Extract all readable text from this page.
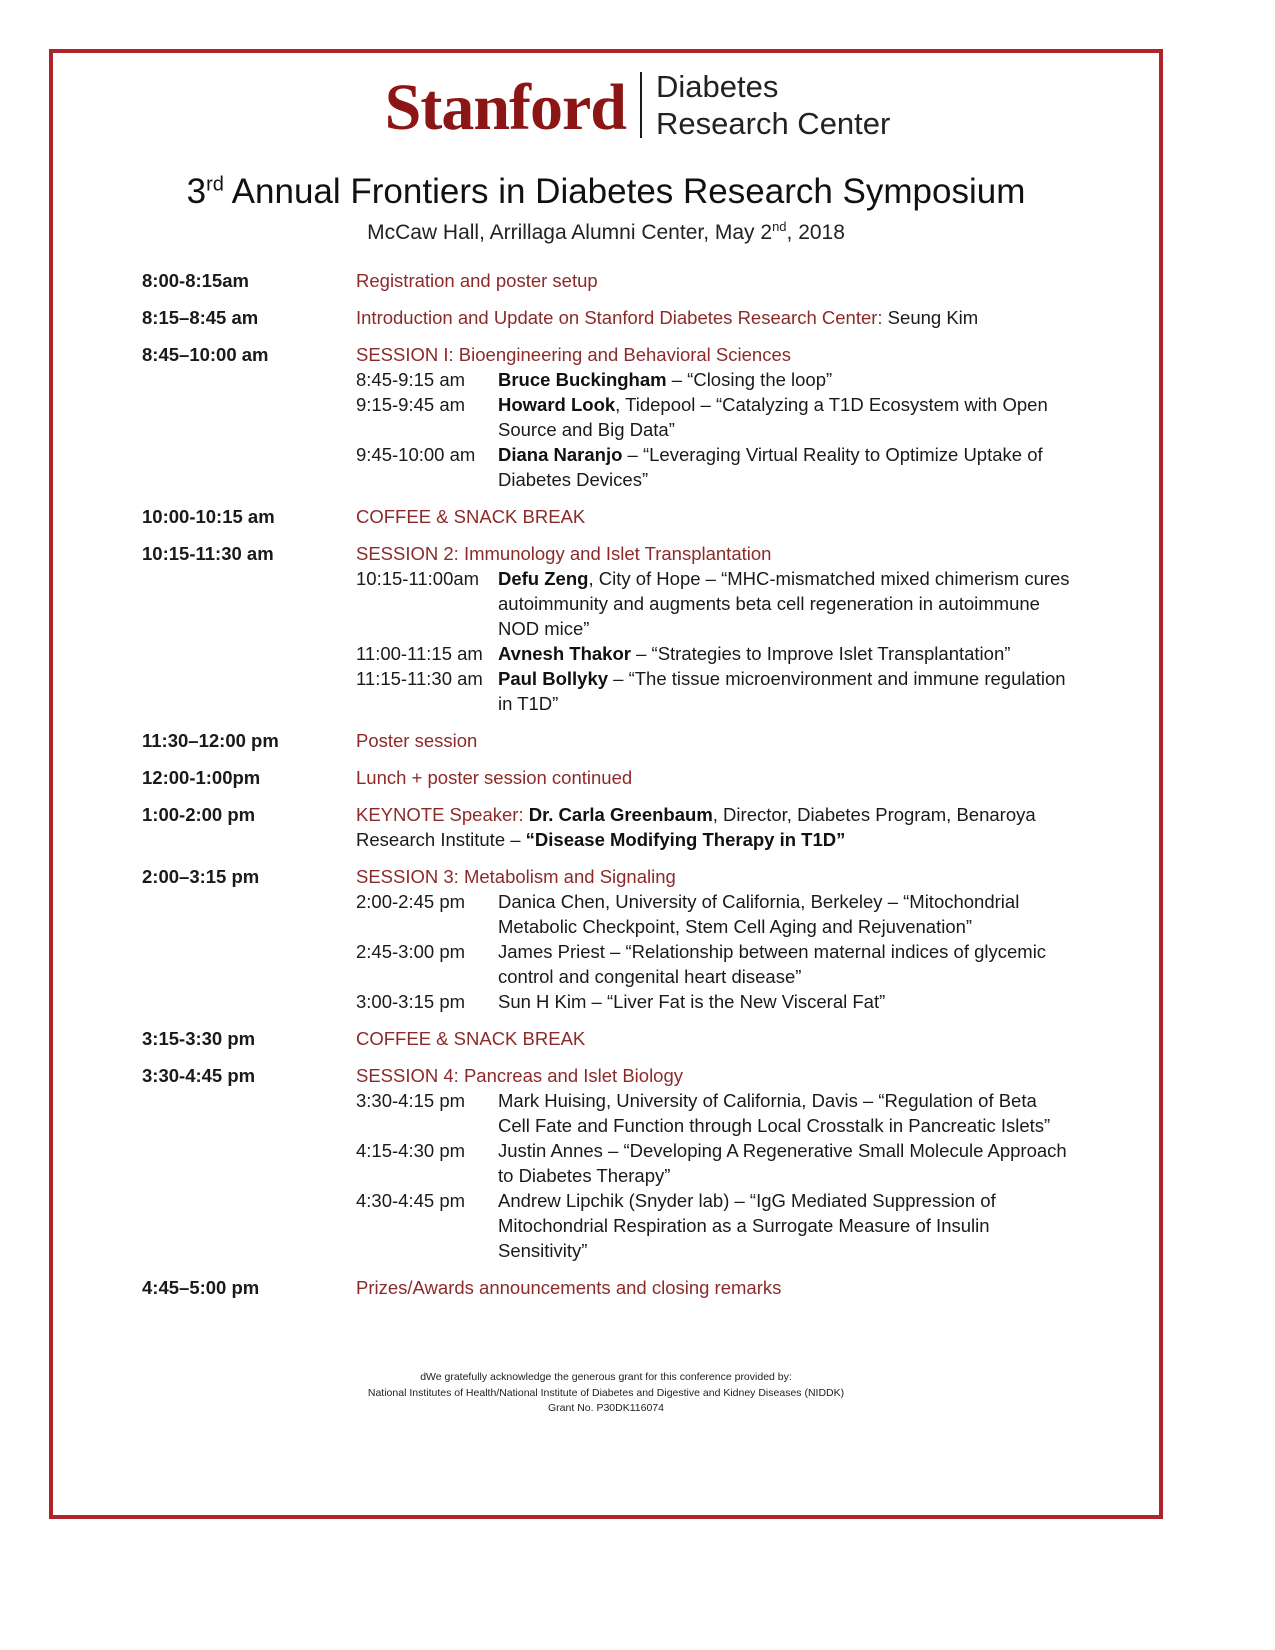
Stanford Diabetes
Research Center
3rd Annual Frontiers in Diabetes Research Symposium
McCaw Hall, Arrillaga Alumni Center, May 2nd, 2018
8:00-8:15am	Registration and poster setup
8:15–8:45 am	Introduction and Update on Stanford Diabetes Research Center: Seung Kim
8:45–10:00 am	SESSION I: Bioengineering and Behavioral Sciences
8:45-9:15 am	Bruce Buckingham – “Closing the loop”
9:15-9:45 am	Howard Look, Tidepool – “Catalyzing a T1D Ecosystem with Open Source and Big Data”
9:45-10:00 am	Diana Naranjo – “Leveraging Virtual Reality to Optimize Uptake of Diabetes Devices”
10:00-10:15 am	COFFEE & SNACK BREAK
10:15-11:30 am	SESSION 2: Immunology and Islet Transplantation
10:15-11:00am	Defu Zeng, City of Hope – “MHC-mismatched mixed chimerism cures autoimmunity and augments beta cell regeneration in autoimmune NOD mice”
11:00-11:15 am Avnesh Thakor – “Strategies to Improve Islet Transplantation”
11:15-11:30 am Paul Bollyky – “The tissue microenvironment and immune regulation in T1D”
11:30–12:00 pm	Poster session
12:00-1:00pm	Lunch + poster session continued
1:00-2:00 pm	KEYNOTE Speaker: Dr. Carla Greenbaum, Director, Diabetes Program, Benaroya Research Institute – “Disease Modifying Therapy in T1D”
2:00–3:15 pm	SESSION 3: Metabolism and Signaling
2:00-2:45 pm	Danica Chen, University of California, Berkeley – “Mitochondrial Metabolic Checkpoint, Stem Cell Aging and Rejuvenation”
2:45-3:00 pm	James Priest – “Relationship between maternal indices of glycemic control and congenital heart disease”
3:00-3:15 pm	Sun H Kim – “Liver Fat is the New Visceral Fat”
3:15-3:30 pm	COFFEE & SNACK BREAK
3:30-4:45 pm	SESSION 4: Pancreas and Islet Biology
3:30-4:15 pm	Mark Huising, University of California, Davis – “Regulation of Beta Cell Fate and Function through Local Crosstalk in Pancreatic Islets”
4:15-4:30 pm	Justin Annes – “Developing A Regenerative Small Molecule Approach to Diabetes Therapy”
4:30-4:45 pm	Andrew Lipchik (Snyder lab) – “IgG Mediated Suppression of Mitochondrial Respiration as a Surrogate Measure of Insulin Sensitivity”
4:45–5:00 pm	Prizes/Awards announcements and closing remarks
dWe gratefully acknowledge the generous grant for this conference provided by:
National Institutes of Health/National Institute of Diabetes and Digestive and Kidney Diseases (NIDDK)
Grant No. P30DK116074
